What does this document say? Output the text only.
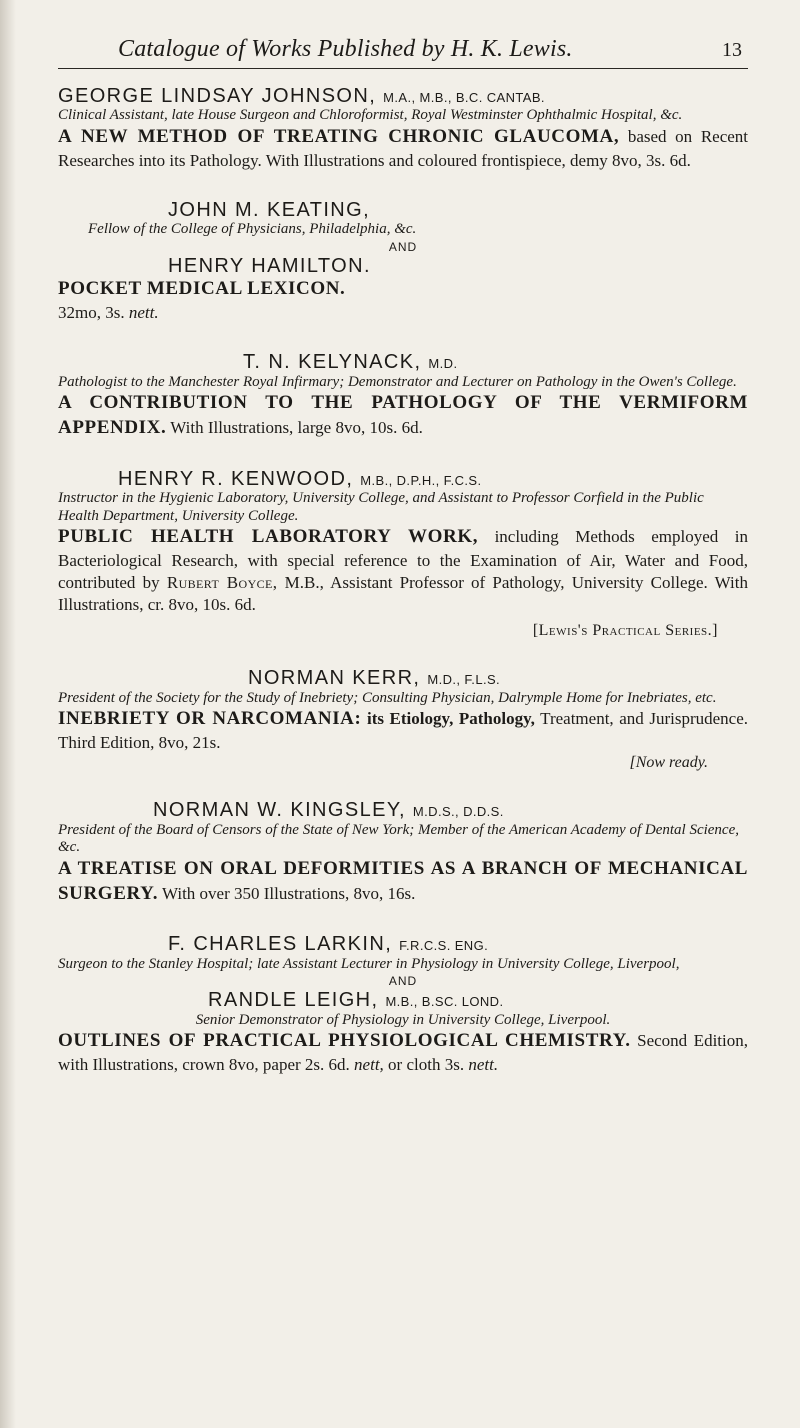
Catalogue of Works Published by H. K. Lewis.	13
GEORGE LINDSAY JOHNSON, M.A., M.B., B.C. CANTAB.
Clinical Assistant, late House Surgeon and Chloroformist, Royal Westminster Ophthalmic Hospital, &c.
A NEW METHOD OF TREATING CHRONIC GLAUCOMA, based on Recent Researches into its Pathology. With Illustrations and coloured frontispiece, demy 8vo, 3s. 6d.
JOHN M. KEATING,
Fellow of the College of Physicians, Philadelphia, &c.
AND
HENRY HAMILTON.
POCKET MEDICAL LEXICON.
32mo, 3s. nett.
T. N. KELYNACK, M.D.
Pathologist to the Manchester Royal Infirmary; Demonstrator and Lecturer on Pathology in the Owen's College.
A CONTRIBUTION TO THE PATHOLOGY OF THE VERMIFORM APPENDIX. With Illustrations, large 8vo, 10s. 6d.
HENRY R. KENWOOD, M.B., D.P.H., F.C.S.
Instructor in the Hygienic Laboratory, University College, and Assistant to Professor Corfield in the Public Health Department, University College.
PUBLIC HEALTH LABORATORY WORK, including Methods employed in Bacteriological Research, with special reference to the Examination of Air, Water and Food, contributed by Rubert Boyce, M.B., Assistant Professor of Pathology, University College. With Illustrations, cr. 8vo, 10s. 6d.
[Lewis's Practical Series.]
NORMAN KERR, M.D., F.L.S.
President of the Society for the Study of Inebriety; Consulting Physician, Dalrymple Home for Inebriates, etc.
INEBRIETY OR NARCOMANIA: its Etiology, Pathology, Treatment, and Jurisprudence. Third Edition, 8vo, 21s.
[Now ready.
NORMAN W. KINGSLEY, M.D.S., D.D.S.
President of the Board of Censors of the State of New York; Member of the American Academy of Dental Science, &c.
A TREATISE ON ORAL DEFORMITIES AS A BRANCH OF MECHANICAL SURGERY. With over 350 Illustrations, 8vo, 16s.
F. CHARLES LARKIN, F.R.C.S. ENG.
Surgeon to the Stanley Hospital; late Assistant Lecturer in Physiology in University College, Liverpool,
AND
RANDLE LEIGH, M.B., B.SC. LOND.
Senior Demonstrator of Physiology in University College, Liverpool.
OUTLINES OF PRACTICAL PHYSIOLOGICAL CHEMISTRY. Second Edition, with Illustrations, crown 8vo, paper 2s. 6d. nett, or cloth 3s. nett.
